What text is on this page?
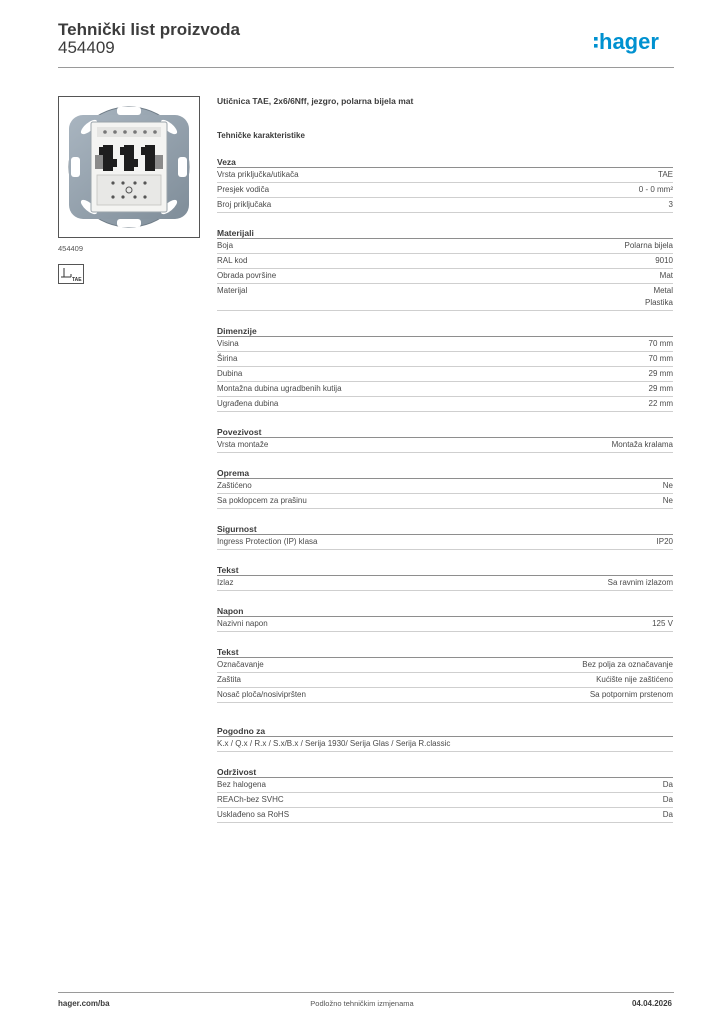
Tehnički list proizvoda
454409	hager
454409
TAE
Utičnica TAE, 2x6/6Nff, jezgro, polarna bijela mat
Tehničke karakteristike
Veza
Vrsta priključka/utikača	TAE
Presjek vodiča	0 - 0 mm²
Broj priključaka	3
Materijali
Boja	Polarna bijela
RAL kod	9010
Obrada površine	Mat
Materijal	Metal
Plastika
Dimenzije
Visina	70 mm
Širina	70 mm
Dubina	29 mm
Montažna dubina ugradbenih kutija	29 mm
Ugrađena dubina	22 mm
Povezivost
Vrsta montaže	Montaža kralama
Oprema
Zaštićeno	Ne
Sa poklopcem za prašinu	Ne
Sigurnost
Ingress Protection (IP) klasa	IP20
Tekst
Izlaz	Sa ravnim izlazom
Napon
Nazivni napon	125 V
Tekst
Označavanje	Bez polja za označavanje
Zaštita	Kućište nije zaštićeno
Nosač ploča/nosivipršten	Sa potpornim prstenom
Pogodno za
K.x / Q.x / R.x / S.x/B.x / Serija 1930/ Serija Glas / Serija R.classic
Održivost
Bez halogena	Da
REACh-bez SVHC	Da
Usklađeno sa RoHS	Da
hager.com/ba	Podložno tehničkim izmjenama	04.04.2026
